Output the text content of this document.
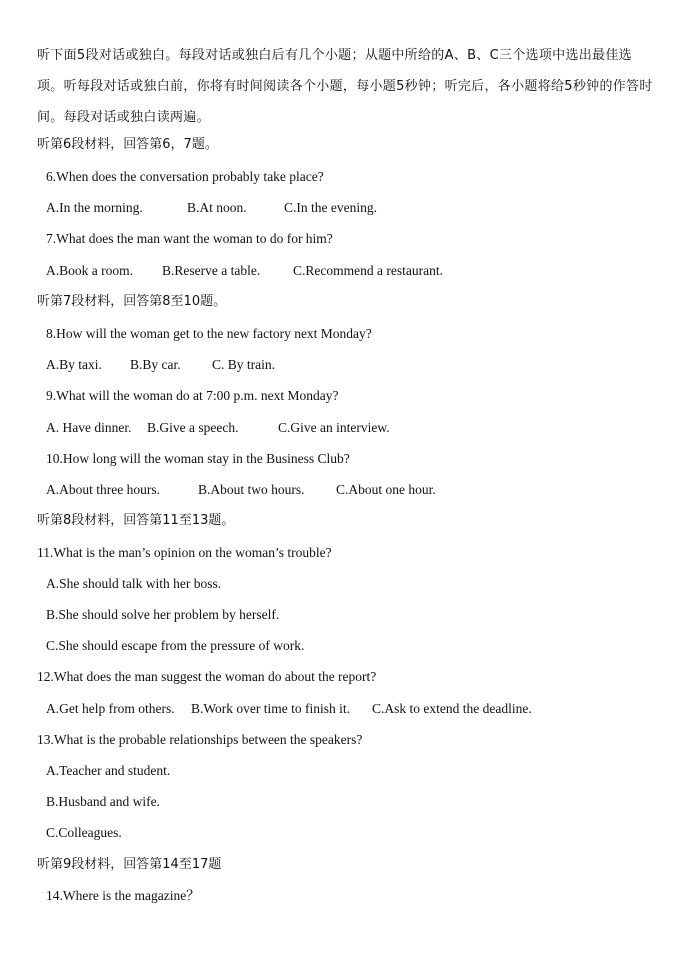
听下面5段对话或独白。每段对话或独白后有几个小题；从题中所给的A、B、C三个选项中选出最佳选项。听每段对话或独白前，你将有时间阅读各个小题，每小题5秒钟；听完后，各小题将给5秒钟的作答时间。每段对话或独白读两遍。
听第6段材料，回答第6，7题。
6.When does the conversation probably take place?
A.In the morning.	B.At noon.	C.In the evening.
7.What does the man want the woman to do for him?
A.Book a room. B.Reserve a table. C.Recommend a restaurant.
听第7段材料，回答第8至10题。
8.How will the woman get to the new factory next Monday?
A.By taxi. B.By car. C. By train.
9.What will the woman do at 7:00 p.m. next Monday?
A. Have dinner. B.Give a speech.	C.Give an interview.
10.How long will the woman stay in the Business Club?
A.About three hours.	B.About two hours. C.About one hour.
听第8段材料，回答第11至13题。
11.What is the man’s opinion on the woman’s trouble?
A.She should talk with her boss.
B.She should solve her problem by herself.
C.She should escape from the pressure of work.
12.What does the man suggest the woman do about the report?
A.Get help from others. B.Work over time to finish it. C.Ask to extend the deadline.
13.What is the probable relationships between the speakers?
A.Teacher and student.
B.Husband and wife.
C.Colleagues.
听第9段材料，回答第14至17题
14.Where is the magazine？
